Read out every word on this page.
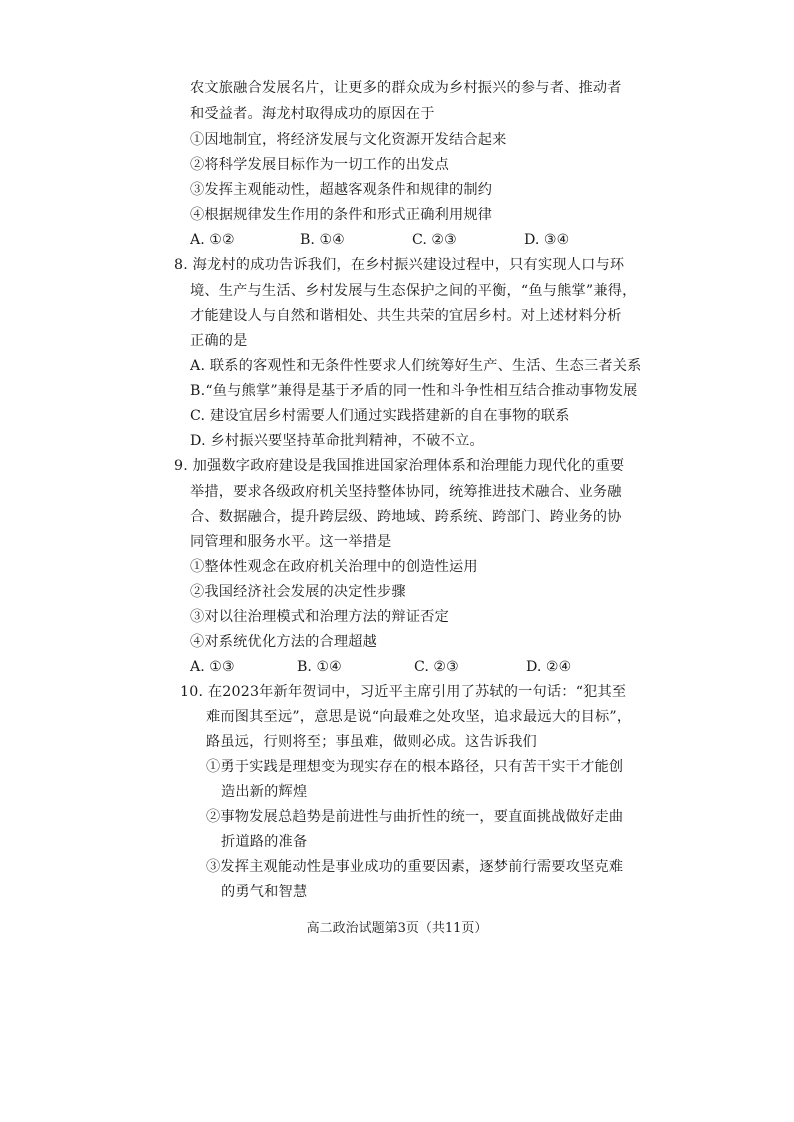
农文旅融合发展名片，让更多的群众成为乡村振兴的参与者、推动者
和受益者。海龙村取得成功的原因在于
①因地制宜，将经济发展与文化资源开发结合起来
②将科学发展目标作为一切工作的出发点
③发挥主观能动性，超越客观条件和规律的制约
④根据规律发生作用的条件和形式正确利用规律
A. ①②	B. ①④	C. ②③	D. ③④
8. 海龙村的成功告诉我们，在乡村振兴建设过程中，只有实现人口与环
境、生产与生活、乡村发展与生态保护之间的平衡，“鱼与熊掌”兼得，
才能建设人与自然和谐相处、共生共荣的宜居乡村。对上述材料分析
正确的是
A. 联系的客观性和无条件性要求人们统筹好生产、生活、生态三者关系
B.“鱼与熊掌”兼得是基于矛盾的同一性和斗争性相互结合推动事物发展
C. 建设宜居乡村需要人们通过实践搭建新的自在事物的联系
D. 乡村振兴要坚持革命批判精神，不破不立。
9. 加强数字政府建设是我国推进国家治理体系和治理能力现代化的重要
举措，要求各级政府机关坚持整体协同，统筹推进技术融合、业务融
合、数据融合，提升跨层级、跨地域、跨系统、跨部门、跨业务的协
同管理和服务水平。这一举措是
①整体性观念在政府机关治理中的创造性运用
②我国经济社会发展的决定性步骤
③对以往治理模式和治理方法的辩证否定
④对系统优化方法的合理超越
A. ①③	B. ①④	C. ②③	D. ②④
10. 在2023年新年贺词中，习近平主席引用了苏轼的一句话：“犯其至
难而图其至远”，意思是说“向最难之处攻坚，追求最远大的目标”，
路虽远，行则将至；事虽难，做则必成。这告诉我们
①勇于实践是理想变为现实存在的根本路径，只有苦干实干才能创
造出新的辉煌
②事物发展总趋势是前进性与曲折性的统一，要直面挑战做好走曲
折道路的准备
③发挥主观能动性是事业成功的重要因素，逐梦前行需要攻坚克难
的勇气和智慧
高二政治试题第3页（共11页）
